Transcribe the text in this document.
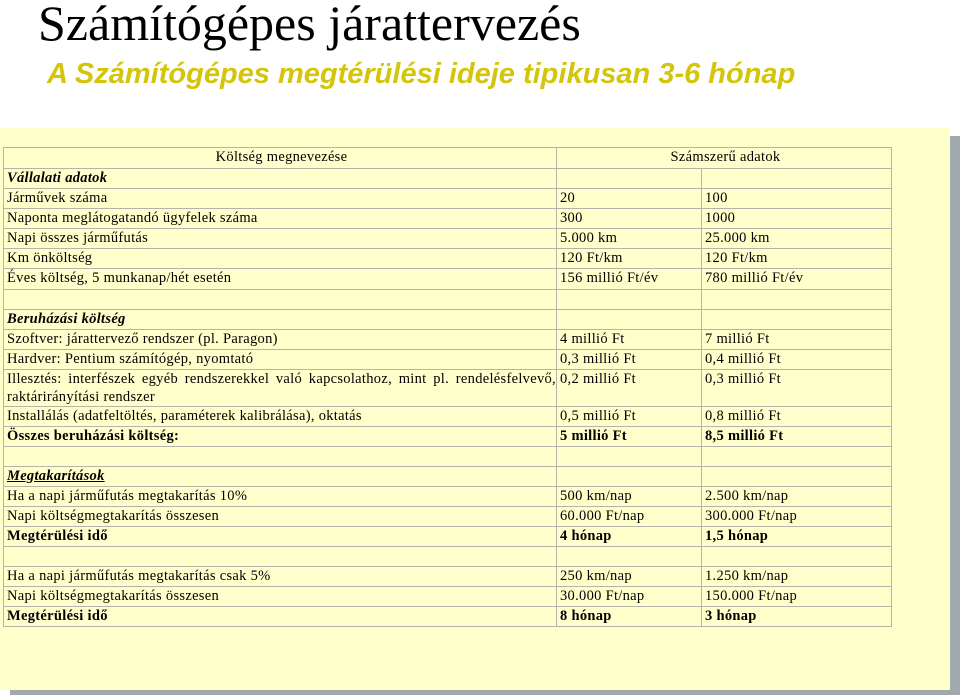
Számítógépes járattervezés
A Számítógépes megtérülési ideje tipikusan 3-6 hónap
Költség megnevezése	Számszerű adatok	
Vállalati adatok		
Járművek száma	20	100
Naponta meglátogatandó ügyfelek száma	300	1000
Napi összes járműfutás	5.000 km	25.000 km
Km önköltség	120 Ft/km	120 Ft/km
Éves költség, 5 munkanap/hét esetén	156 millió Ft/év	780 millió Ft/év

Beruházási költség		
Szoftver: járattervező rendszer (pl. Paragon)	4 millió Ft	7 millió Ft
Hardver: Pentium számítógép, nyomtató	0,3 millió Ft	0,4 millió Ft
Illesztés: interfészek egyéb rendszerekkel való kapcsolathoz, mint pl. rendelésfelvevő, raktárirányítási rendszer	0,2 millió Ft	0,3 millió Ft
Installálás (adatfeltöltés, paraméterek kalibrálása), oktatás	0,5 millió Ft	0,8 millió Ft
Összes beruházási költség:	5 millió Ft	8,5 millió Ft

Megtakarítások		
Ha a napi járműfutás megtakarítás 10%	500 km/nap	2.500 km/nap
Napi költségmegtakarítás összesen	60.000 Ft/nap	300.000 Ft/nap
Megtérülési idő	4 hónap	1,5 hónap

Ha a napi járműfutás megtakarítás csak 5%	250 km/nap	1.250 km/nap
Napi költségmegtakarítás összesen	30.000 Ft/nap	150.000 Ft/nap
Megtérülési idő	8 hónap	3 hónap
